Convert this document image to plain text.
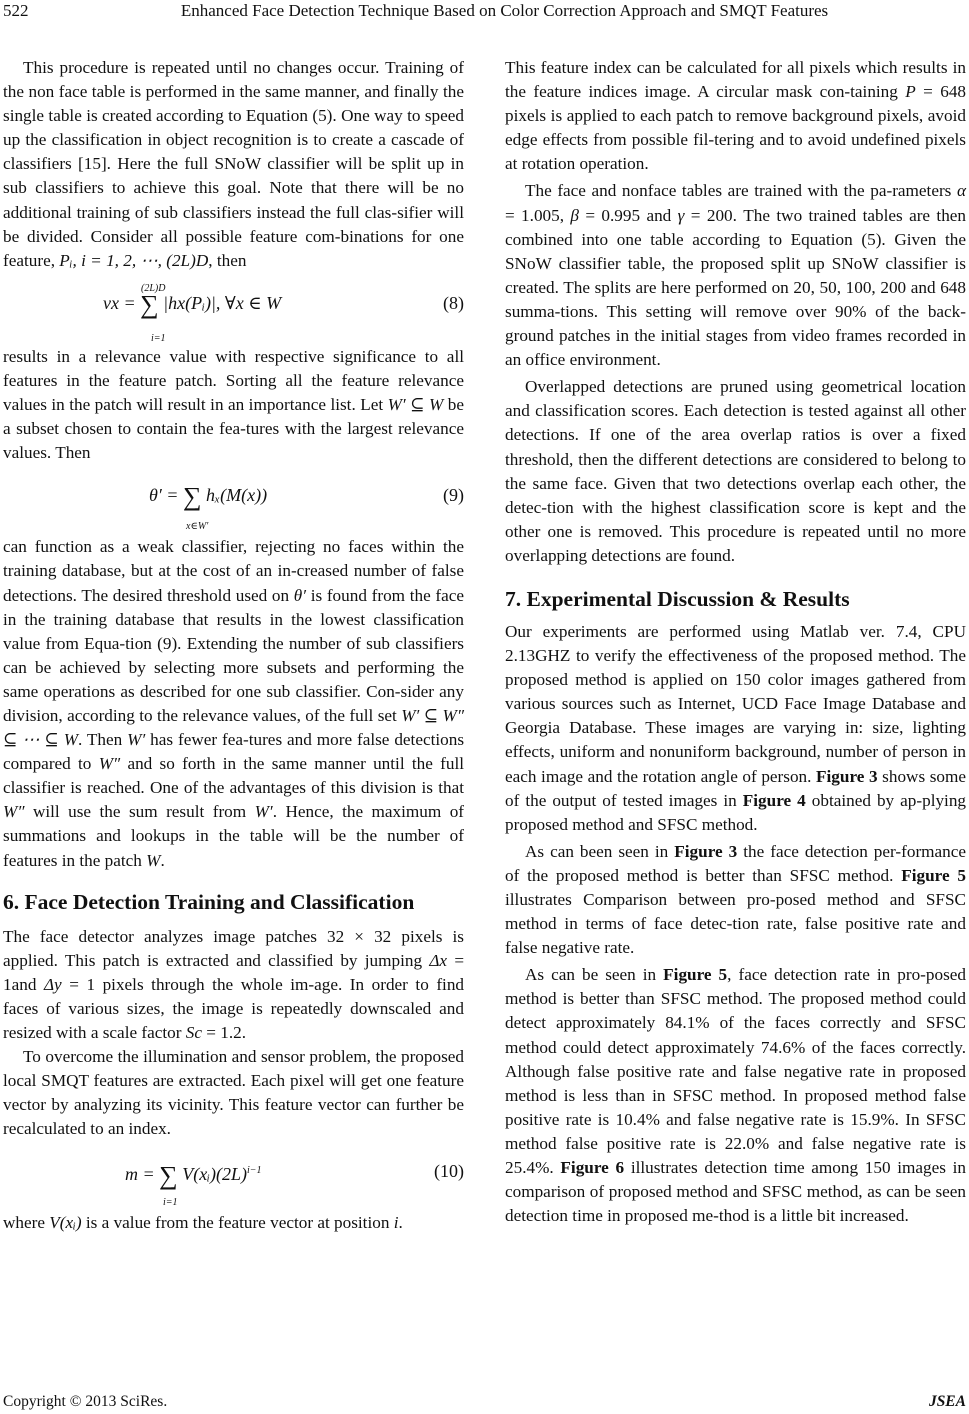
522	Enhanced Face Detection Technique Based on Color Correction Approach and SMQT Features

This procedure is repeated until no changes occur. Training of the non face table is performed in the same manner, and finally the single table is created according to Equation (5). One way to speed up the classification in object recognition is to create a cascade of classifiers [15]. Here the full SNoW classifier will be split up in sub classifiers to achieve this goal. Note that there will be no additional training of sub classifiers instead the full clas-sifier will be divided. Consider all possible feature com-binations for one feature, Pᵢ, i = 1, 2, ⋯, (2L)D, then

vx = ∑ |hx(Pᵢ)|, ∀x ∈ W
(2L)D
i=1
(8)

results in a relevance value with respective significance to all features in the feature patch. Sorting all the feature relevance values in the patch will result in an importance list. Let W′ ⊆ W be a subset chosen to contain the fea-tures with the largest relevance values. Then

θ′ = ∑ hₓ(M(x))
x∈W′
(9)

can function as a weak classifier, rejecting no faces within the training database, but at the cost of an in-creased number of false detections. The desired threshold used on θ′ is found from the face in the training database that results in the lowest classification value from Equa-tion (9). Extending the number of sub classifiers can be achieved by selecting more subsets and performing the same operations as described for one sub classifier. Con-sider any division, according to the relevance values, of the full set W′ ⊆ W″ ⊆ ⋯ ⊆ W. Then W′ has fewer fea-tures and more false detections compared to W″ and so forth in the same manner until the full classifier is reached. One of the advantages of this division is that W″ will use the sum result from W′. Hence, the maximum of summations and lookups in the table will be the number of features in the patch W.

6. Face Detection Training and Classification

The face detector analyzes image patches 32 × 32 pixels is applied. This patch is extracted and classified by jumping Δx = 1and Δy = 1 pixels through the whole im-age. In order to find faces of various sizes, the image is repeatedly downscaled and resized with a scale factor Sc = 1.2.

To overcome the illumination and sensor problem, the proposed local SMQT features are extracted. Each pixel will get one feature vector by analyzing its vicinity. This feature vector can further be recalculated to an index.

m = ∑ $V(xᵢ)(2L)^{i-1}$
i=1
(10)

where V(xᵢ) is a value from the feature vector at position i.

This feature index can be calculated for all pixels which results in the feature indices image. A circular mask con-taining P = 648 pixels is applied to each patch to remove background pixels, avoid edge effects from possible fil-tering and to avoid undefined pixels at rotation operation.

The face and nonface tables are trained with the pa-rameters α = 1.005, β = 0.995 and γ = 200. The two trained tables are then combined into one table according to Equation (5). Given the SNoW classifier table, the proposed split up SNoW classifier is created. The splits are here performed on 20, 50, 100, 200 and 648 summa-tions. This setting will remove over 90% of the back-ground patches in the initial stages from video frames recorded in an office environment.

Overlapped detections are pruned using geometrical location and classification scores. Each detection is tested against all other detections. If one of the area overlap ratios is over a fixed threshold, then the different detections are considered to belong to the same face. Given that two detections overlap each other, the detec-tion with the highest classification score is kept and the other one is removed. This procedure is repeated until no more overlapping detections are found.

7. Experimental Discussion & Results

Our experiments are performed using Matlab ver. 7.4, CPU 2.13GHZ to verify the effectiveness of the proposed method. The proposed method is applied on 150 color images gathered from various sources such as Internet, UCD Face Image Database and Georgia Database. These images are varying in: size, lighting effects, uniform and nonuniform background, number of person in each image and the rotation angle of person. Figure 3 shows some of the output of tested images in Figure 4 obtained by ap-plying proposed method and SFSC method.

As can been seen in Figure 3 the face detection per-formance of the proposed method is better than SFSC method. Figure 5 illustrates Comparison between pro-posed method and SFSC method in terms of face detec-tion rate, false positive rate and false negative rate.

As can be seen in Figure 5, face detection rate in pro-posed method is better than SFSC method. The proposed method could detect approximately 84.1% of the faces correctly and SFSC method could detect approximately 74.6% of the faces correctly. Although false positive rate and false negative rate in proposed method is less than in SFSC method. In proposed method false positive rate is 10.4% and false negative rate is 15.9%. In SFSC method false positive rate is 22.0% and false negative rate is 25.4%. Figure 6 illustrates detection time among 150 images in comparison of proposed method and SFSC method, as can be seen detection time in proposed me-thod is a little bit increased.

Copyright © 2013 SciRes.	JSEA
